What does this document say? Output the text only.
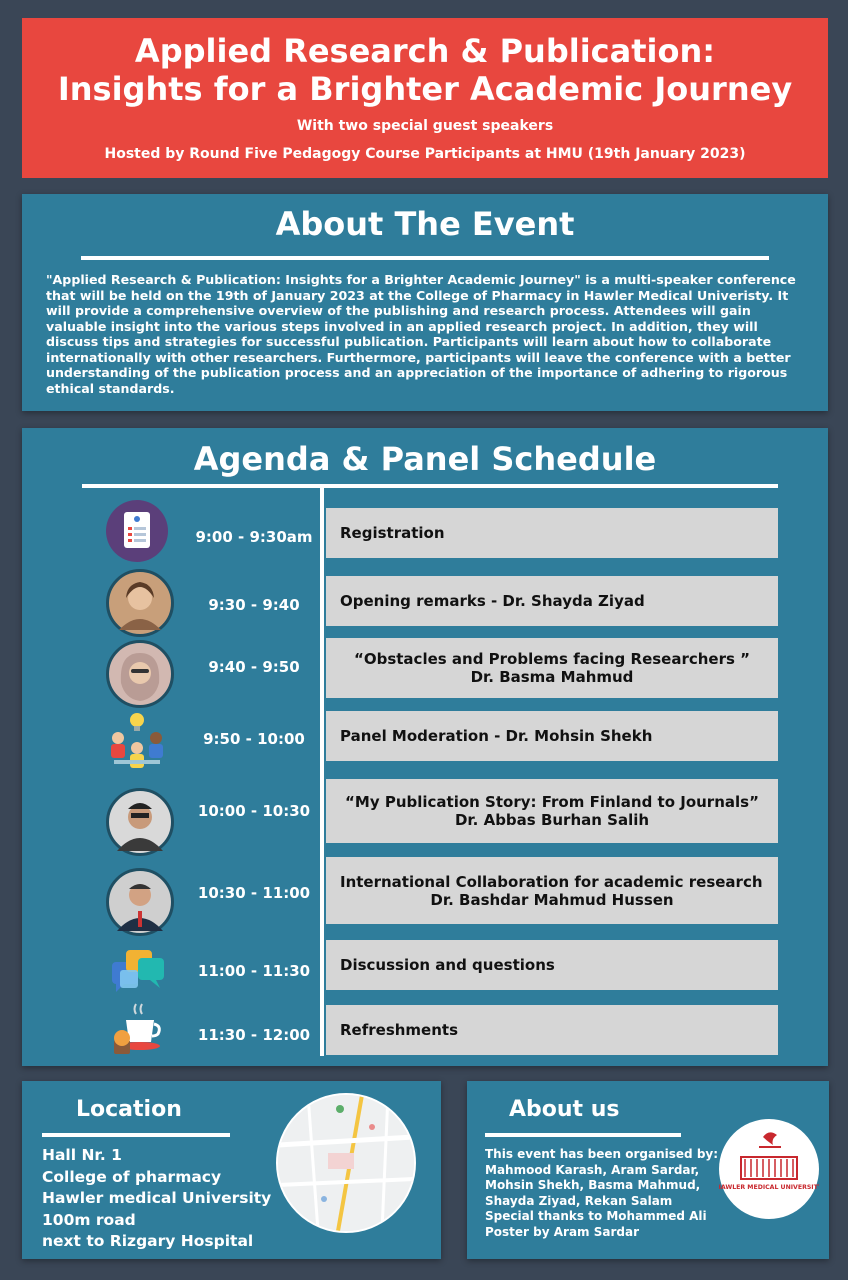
Applied Research & Publication:
Insights for a Brighter Academic Journey
With two special guest speakers
Hosted by Round Five Pedagogy Course Participants at HMU (19th January 2023)
About The Event

"Applied Research & Publication: Insights for a Brighter Academic Journey" is a multi-speaker conference that will be held on the 19th of January 2023 at the College of Pharmacy in Hawler Medical Univeristy. It will provide a comprehensive overview of the publishing and research process. Attendees will gain valuable insight into the various steps involved in an applied research project. In addition, they will discuss tips and strategies for successful publication. Participants will learn about how to collaborate internationally with other researchers. Furthermore, participants will leave the conference with a better understanding of the publication process and an appreciation of the importance of adhering to rigorous ethical standards.

Agenda & Panel Schedule
9:00 - 9:30am Registration
9:30 - 9:40	Opening remarks - Dr. Shayda Ziyad
9:40 - 9:50	“Obstacles and Problems facing Researchers ”
Dr. Basma Mahmud
9:50 - 10:00	Panel Moderation - Dr. Mohsin Shekh
10:00 - 10:30	“My Publication Story: From Finland to Journals”
Dr. Abbas Burhan Salih
10:30 - 11:00
International Collaboration for academic research
Dr. Bashdar Mahmud Hussen
11:00 - 11:30 Discussion and questions
11:30 - 12:00 Refreshments
Location
Hall Nr. 1
College of pharmacy
Hawler medical University
100m road
next to Rizgary Hospital
About us
This event has been organised by:
Mahmood Karash, Aram Sardar,
Mohsin Shekh, Basma Mahmud,
Shayda Ziyad, Rekan Salam
Special thanks to Mohammed Ali
Poster by Aram Sardar
HAWLER MEDICAL UNIVERSITY
